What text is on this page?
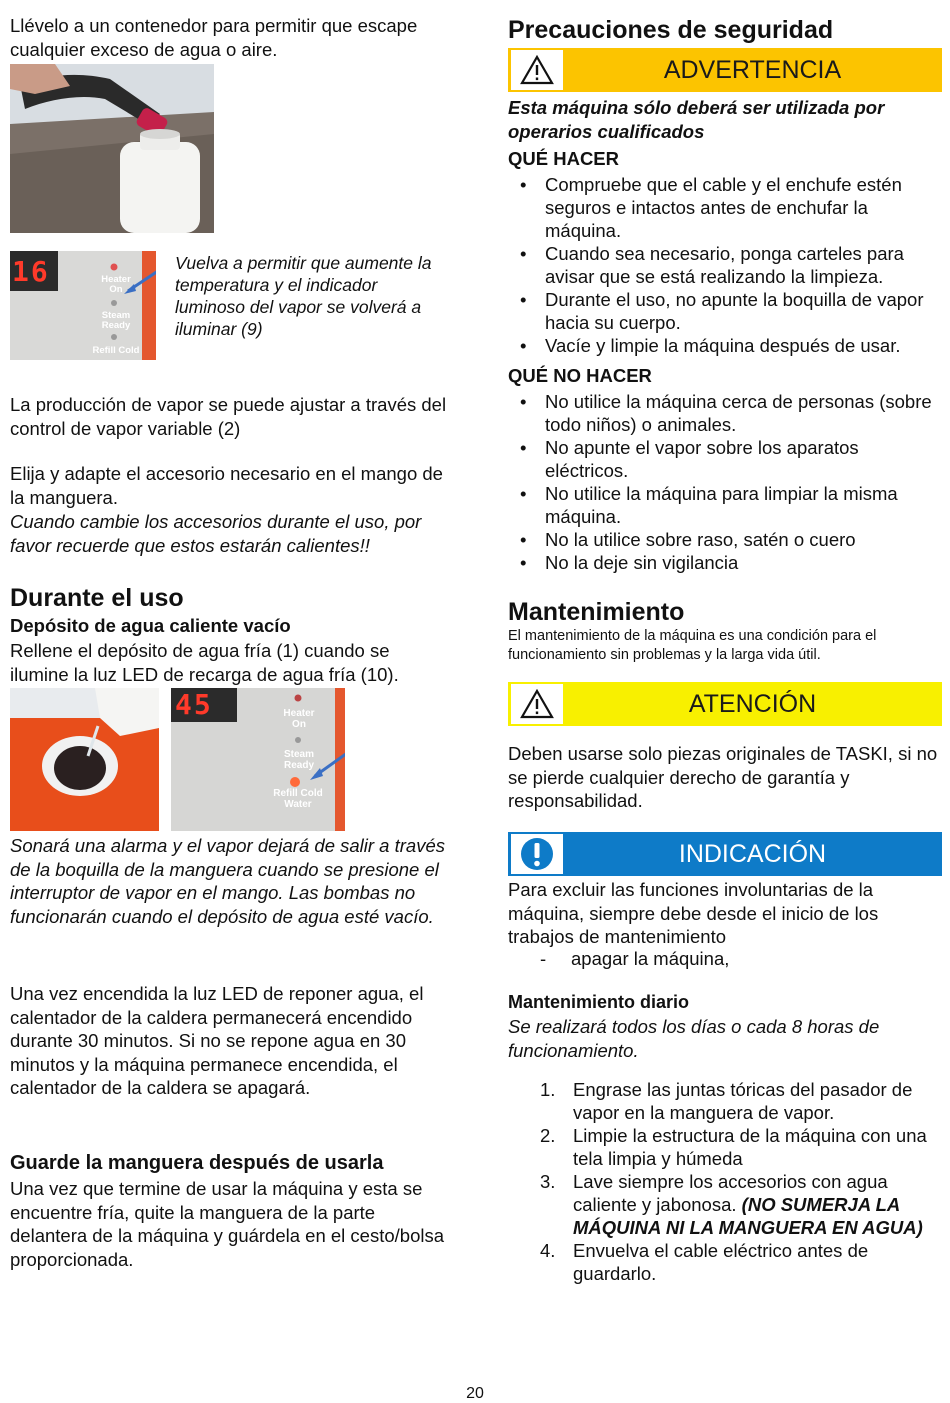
Llévelo a un contenedor para permitir que escape cualquier exceso de agua o aire.

16	Heater
On
Steam
Ready
Refill Cold

Vuelva a permitir que aumente la temperatura y el indicador luminoso del vapor se volverá a iluminar (9)

La producción de vapor se puede ajustar a través del control de vapor variable (2)

Elija y adapte el accesorio necesario en el mango de la manguera.

Cuando cambie los accesorios durante el uso, por favor recuerde que estos estarán calientes!!

Durante el uso
Depósito de agua caliente vacío

Rellene el depósito de agua fría (1) cuando se ilumine la luz LED de recarga de agua fría (10).

45	Heater
On
Steam
Ready
Refill Cold
Water

Sonará una alarma y el vapor dejará de salir a través de la boquilla de la manguera cuando se presione el interruptor de vapor en el mango. Las bombas no funcionarán cuando el depósito de agua esté vacío.

Una vez encendida la luz LED de reponer agua, el calentador de la caldera permanecerá encendido durante 30 minutos. Si no se repone agua en 30 minutos y la máquina permanece encendida, el calentador de la caldera se apagará.

Guarde la manguera después de usarla

Una vez que termine de usar la máquina y esta se encuentre fría, quite la manguera de la parte delantera de la máquina y guárdela en el cesto/bolsa proporcionada.

Precauciones de seguridad
ADVERTENCIA

Esta máquina sólo deberá ser utilizada por operarios cualificados

QUÉ HACER
• Compruebe que el cable y el enchufe estén seguros e intactos antes de enchufar la máquina.
• Cuando sea necesario, ponga carteles para avisar que se está realizando la limpieza.
• Durante el uso, no apunte la boquilla de vapor hacia su cuerpo.
• Vacíe y limpie la máquina después de usar.
QUÉ NO HACER
• No utilice la máquina cerca de personas (sobre todo niños) o animales.
• No apunte el vapor sobre los aparatos eléctricos.
• No utilice la máquina para limpiar la misma máquina.
• No la utilice sobre raso, satén o cuero
• No la deje sin vigilancia
Mantenimiento

El mantenimiento de la máquina es una condición para el funcionamiento sin problemas y la larga vida útil.

ATENCIÓN

Deben usarse solo piezas originales de TASKI, si no se pierde cualquier derecho de garantía y responsabilidad.

INDICACIÓN

Para excluir las funciones involuntarias de la máquina, siempre debe desde el inicio de los trabajos de mantenimiento

- apagar la máquina,
Mantenimiento diario

Se realizará todos los días o cada 8 horas de funcionamiento.

1. Engrase las juntas tóricas del pasador de vapor en la manguera de vapor.
2. Limpie la estructura de la máquina con una tela limpia y húmeda
3. Lave siempre los accesorios con agua caliente y jabonosa. (NO SUMERJA LA MÁQUINA NI LA MANGUERA EN AGUA)
4. Envuelva el cable eléctrico antes de guardarlo.
20
